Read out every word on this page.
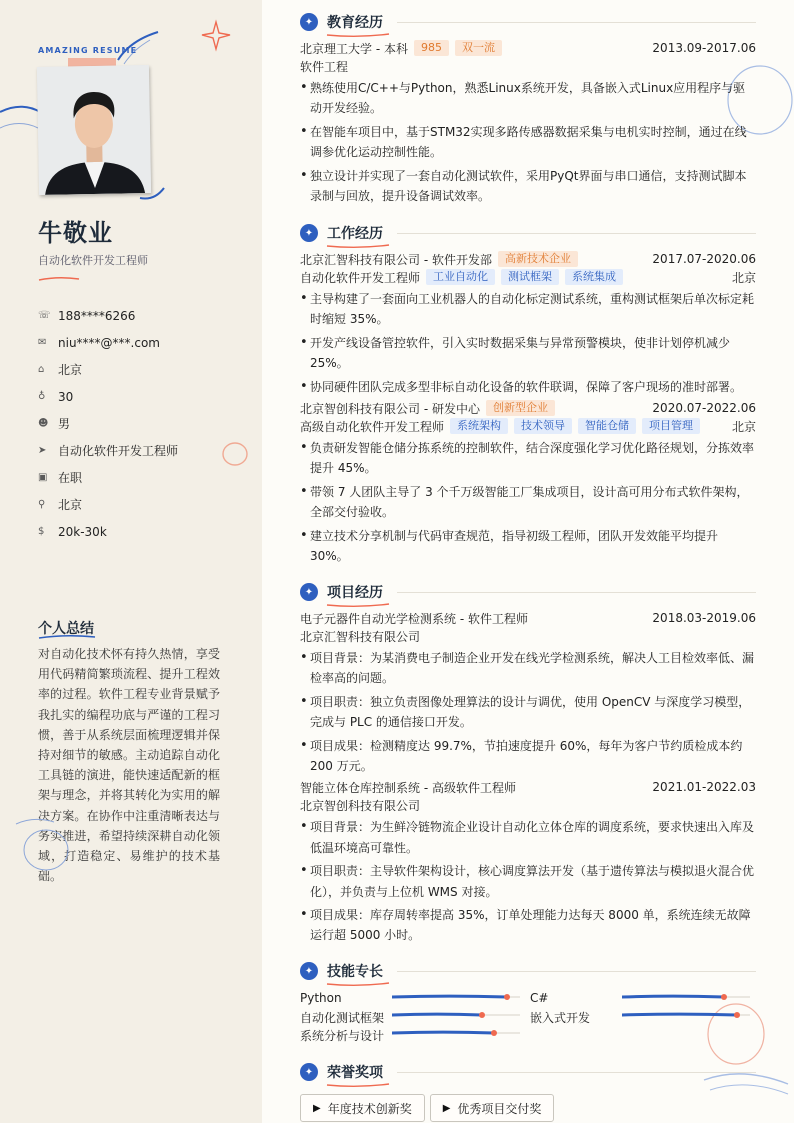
AMAZING RESUME
牛敬业
自动化软件开发工程师
☏ 188****6266
✉ niu****@***.com
⌂	北京
♁	30
☻ 男
➤ 自动化软件开发工程师
▣ 在职
⚲	北京
$	20k-30k
个人总结
对自动化技术怀有持久热情，享受用代码精简繁琐流程、提升工程效率的过程。软件工程专业背景赋予我扎实的编程功底与严谨的工程习惯，善于从系统层面梳理逻辑并保持对细节的敏感。主动追踪自动化工具链的演进，能快速适配新的框架与理念，并将其转化为实用的解决方案。在协作中注重清晰表达与务实推进，希望持续深耕自动化领域，打造稳定、易维护的技术基础。
✦ 教育经历
北京理工大学 - 本科	985	双一流	2013.09-2017.06
软件工程
• 熟练使用C/C++与Python，熟悉Linux系统开发，具备嵌入式Linux应用程序与驱动开发经验。
• 在智能车项目中，基于STM32实现多路传感器数据采集与电机实时控制，通过在线调参优化运动控制性能。
• 独立设计并实现了一套自动化测试软件，采用PyQt界面与串口通信，支持测试脚本录制与回放，提升设备调试效率。
✦ 工作经历
北京汇智科技有限公司 - 软件开发部	高新技术企业	2017.07-2020.06
自动化软件开发工程师	工业自动化	测试框架	系统集成	北京
• 主导构建了一套面向工业机器人的自动化标定测试系统，重构测试框架后单次标定耗时缩短 35%。
• 开发产线设备管控软件，引入实时数据采集与异常预警模块，使非计划停机减少 25%。
• 协同硬件团队完成多型非标自动化设备的软件联调，保障了客户现场的准时部署。
北京智创科技有限公司 - 研发中心	创新型企业	2020.07-2022.06
高级自动化软件开发工程师	系统架构	技术领导	智能仓储	项目管理	北京
• 负责研发智能仓储分拣系统的控制软件，结合深度强化学习优化路径规划，分拣效率提升 45%。
• 带领 7 人团队主导了 3 个千万级智能工厂集成项目，设计高可用分布式软件架构，全部交付验收。
• 建立技术分享机制与代码审查规范，指导初级工程师，团队开发效能平均提升 30%。
✦ 项目经历
电子元器件自动光学检测系统 - 软件工程师	2018.03-2019.06
北京汇智科技有限公司
• 项目背景：为某消费电子制造企业开发在线光学检测系统，解决人工目检效率低、漏检率高的问题。
• 项目职责：独立负责图像处理算法的设计与调优，使用 OpenCV 与深度学习模型，完成与 PLC 的通信接口开发。
• 项目成果：检测精度达 99.7%，节拍速度提升 60%，每年为客户节约质检成本约 200 万元。
智能立体仓库控制系统 - 高级软件工程师	2021.01-2022.03
北京智创科技有限公司
• 项目背景：为生鲜冷链物流企业设计自动化立体仓库的调度系统，要求快速出入库及低温环境高可靠性。
• 项目职责：主导软件架构设计，核心调度算法开发（基于遗传算法与模拟退火混合优化），并负责与上位机 WMS 对接。
• 项目成果：库存周转率提高 35%，订单处理能力达每天 8000 单，系统连续无故障运行超 5000 小时。
✦ 技能专长
Python	C#
自动化测试框架	嵌入式开发
系统分析与设计
✦ 荣誉奖项
▶ 年度技术创新奖	▶ 优秀项目交付奖
